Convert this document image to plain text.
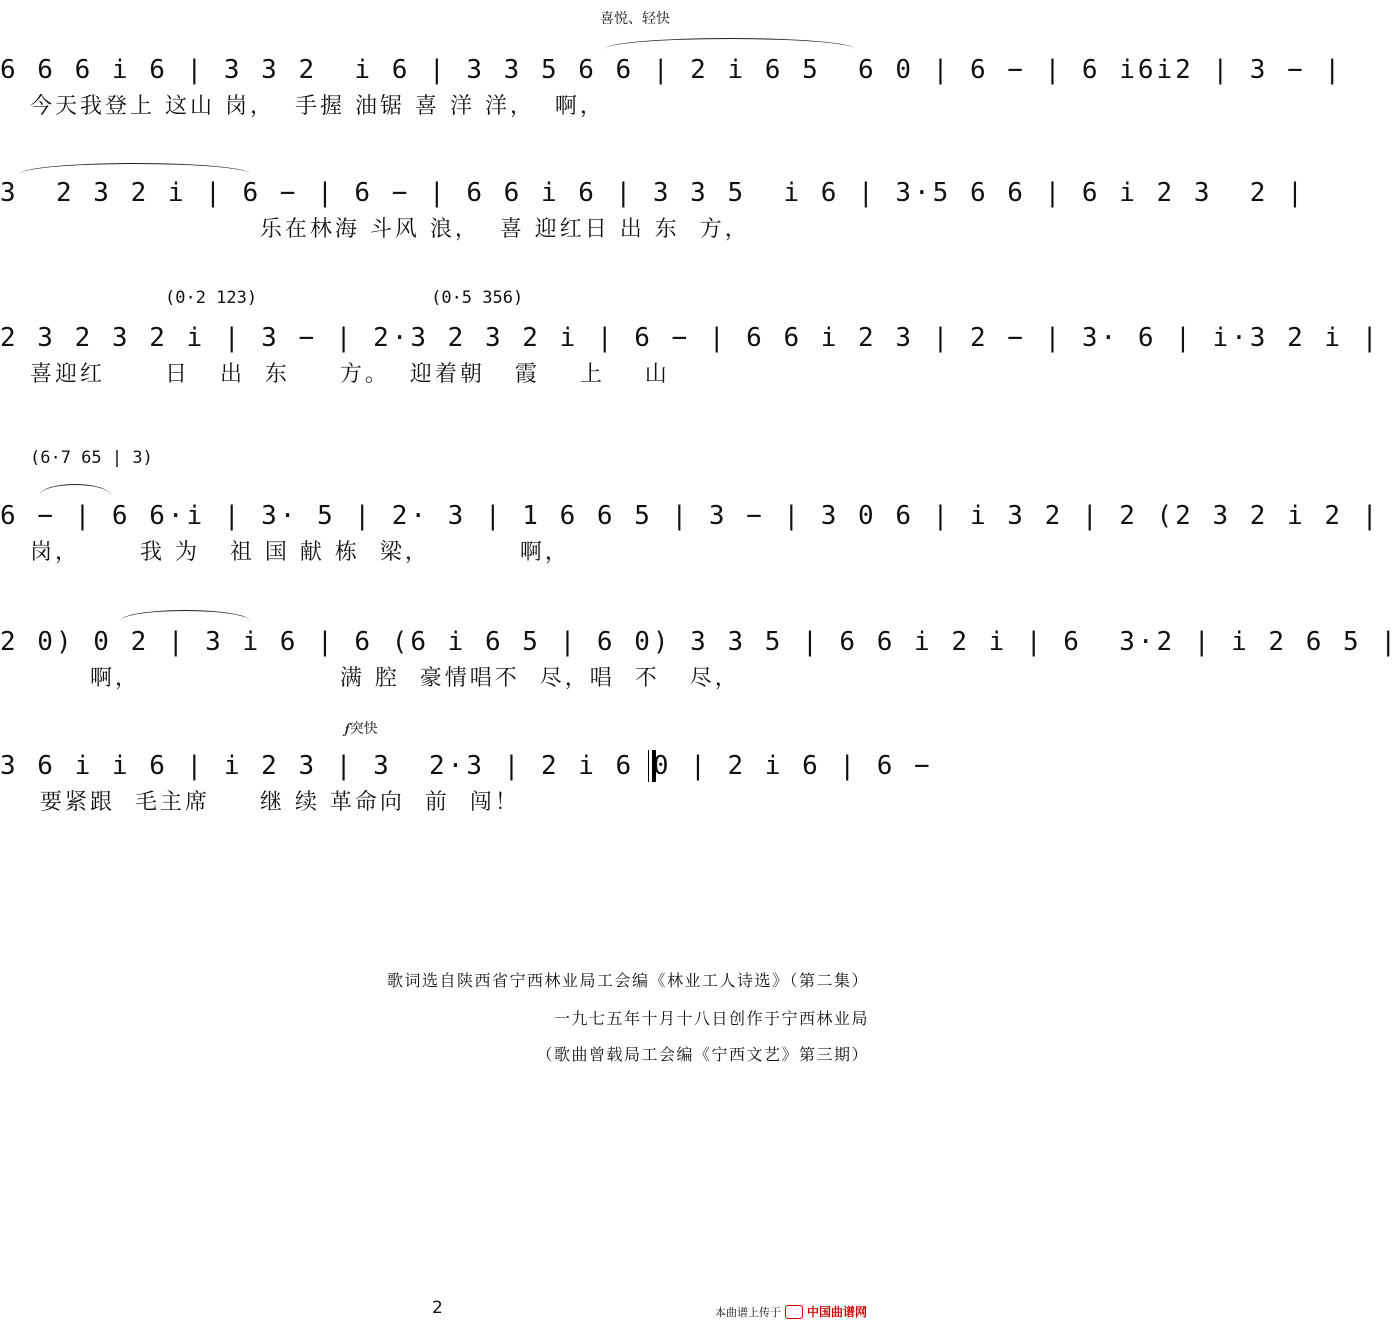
喜悦、轻快
6 6 6 i 6 | 3 3 2  i 6 | 3 3 5 6 6 | 2 i 6 5  6 0 | 6 − | 6 i6i2 | 3 − |
今天我登上 这山 岗，  手握 油锯 喜 洋 洋，  啊，
3  2 3 2 i | 6 − | 6 − | 6 6 i 6 | 3 3 5  i 6 | 3·5 6 6 | 6 i 2 3  2 |
乐在林海 斗风 浪，  喜 迎红日 出 东  方，
(0·2 123)                 (0·5 356)
2 3 2 3 2 i | 3 − | 2·3 2 3 2 i | 6 − | 6 6 i 2 3 | 2 − | 3· 6 | i·3 2 i |
喜迎红      日   出  东     方。  迎着朝   霞    上    山
(6·7 65 | 3)
6 − | 6 6·i | 3· 5 | 2· 3 | 1 6 6 5 | 3 − | 3 0 6 | i 3 2 | 2 (2 3 2 i 2 |
岗，      我 为   祖 国 献 栋  梁，         啊，
2 0) 0 2 | 3 i 6 | 6 (6 i 6 5 | 6 0) 3 3 5 | 6 6 i 2 i | 6  3·2 | i 2 6 5 |
啊，                    满 腔  豪情唱不  尽，唱  不   尽，
𝆑突快
3 6 i i 6 | i 2 3 | 3  2·3 | 2 i 6 0 | 2 i 6 | 6 −
要紧跟  毛主席     继 续 革命向  前  闯！
歌词选自陕西省宁西林业局工会编《林业工人诗选》（第二集）
一九七五年十月十八日创作于宁西林业局
（歌曲曾载局工会编《宁西文艺》第三期）
2	本曲谱上传于 中国曲谱网
